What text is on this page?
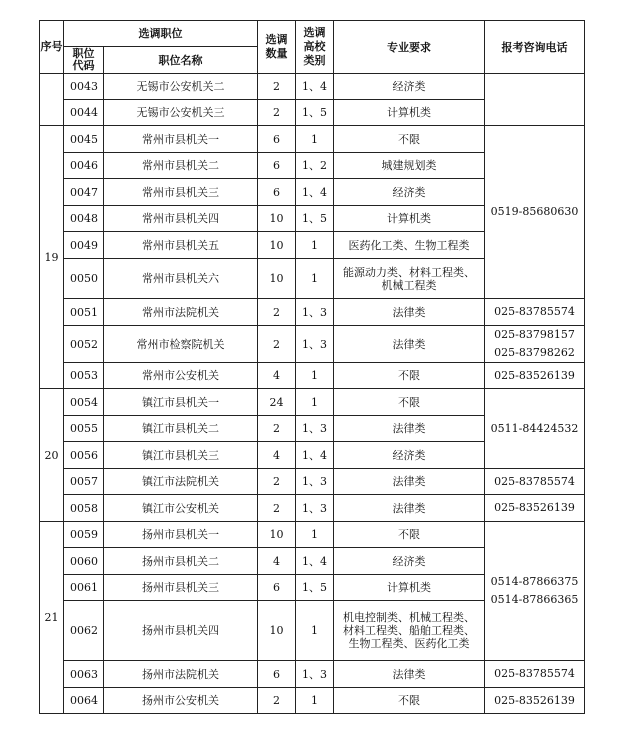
序号	选调职位		选调数量	选调高校类别	专业要求	报考咨询电话

	职位代码	职位名称				
	0043	无锡市公安机关二	2	1、4	经济类	

	0044	无锡市公安机关三	2	1、5	计算机类	

19	0045	常州市县机关一	6	1	不限	0519-85680630

	0046	常州市县机关二	6	1、2	城建规划类	

	0047	常州市县机关三	6	1、4	经济类	

	0048	常州市县机关四	10	1、5	计算机类	

	0049	常州市县机关五	10	1	医药化工类、生物工程类	

	0050	常州市县机关六	10	1	能源动力类、材料工程类、
机械工程类	

	0051	常州市法院机关	2	1、3	法律类	025-83785574

	0052	常州市检察院机关	2	1、3	法律类	025-83798157
025-83798262

	0053	常州市公安机关	4	1	不限	025-83526139

20	0054	镇江市县机关一	24	1	不限	0511-84424532

	0055	镇江市县机关二	2	1、3	法律类	

	0056	镇江市县机关三	4	1、4	经济类	

	0057	镇江市法院机关	2	1、3	法律类	025-83785574

	0058	镇江市公安机关	2	1、3	法律类	025-83526139

21	0059	扬州市县机关一	10	1	不限	0514-87866375
0514-87866365

	0060	扬州市县机关二	4	1、4	经济类	

	0061	扬州市县机关三	6	1、5	计算机类	

	0062	扬州市县机关四	10	1	机电控制类、机械工程类、
材料工程类、船舶工程类、
生物工程类、医药化工类	

	0063	扬州市法院机关	6	1、3	法律类	025-83785574

	0064	扬州市公安机关	2	1	不限	025-83526139
